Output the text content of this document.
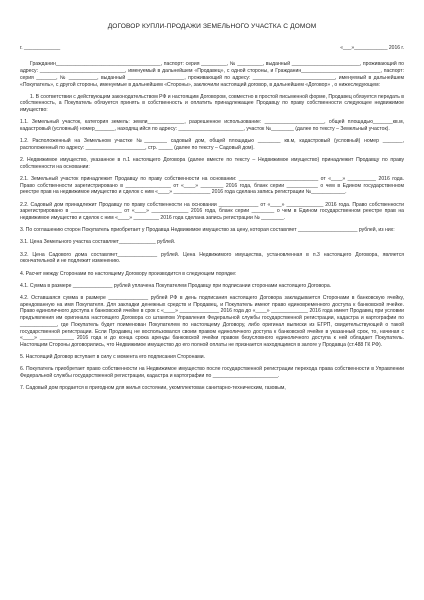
ДОГОВОР КУПЛИ-ПРОДАЖИ ЗЕМЕЛЬНОГО УЧАСТКА С ДОМОМ
г. _____________	«___»____________ 2016 г.

Гражданин_____________________________________, паспорт: серия _________, № _________, выданный ________________________, проживающий по адресу: ______________________________, именуемый в дальнейшем «Продавец», с одной стороны, и Гражданин____________________________, паспорт: серия _______, № __________, выданный ____________________, проживающий по адресу: _____________________________, именуемый в дальнейшем «Покупатель», с другой стороны, именуемые в дальнейшем «Стороны», заключили настоящий договор, в дальнейшем «Договор» , о нижеследующем:

1. В соответствии с действующим законодательством РФ и настоящим Договором, совместно в простой письменной форме, Продавец обязуется передать в собственность, а Покупатель обязуется принять в собственность и оплатить принадлежащее Продавцу по праву собственности следующее недвижимое имущество:

1.1. Земельный участок, категория земель: земли_____________, разрешенное использование: _____________________, общей площадью_______кв.м, кадастровый (условный) номер_______, находящ ийся по адресу: _______________________, участок №________ (далее по тексту – Земельный участок).

1.2. Расположенный на Земельном участке №________ садовый дом, общей площадью ________ кв.м, кадастровый (условный) номер _______, расположенный по адресу: _____________________, стр. _____ (далее по тексту – Садовый дом).

2. Недвижимое имущество, указанное в п.1 настоящего Договора (далее вместе по тексту – Недвижимое имущество) принадлежит Продавцу по праву собственности на основании:

2.1. Земельный участок принадлежит Продавцу по праву собственности на основании: ____________________________ от «____» __________ 2016 года. Право собственности зарегистрировано в ________________ от «____» ________ 2016 года, бланк серии ___________ о чем в Едином государственном реестре прав на недвижимое имущество и сделок с ним «____» _____________ 2016 года сделана запись регистрации №____________.

2.2. Садовый дом принадлежит Продавцу по праву собственности на основании ______________ от «____» _____________ 2016 года. Право собственности зарегистрировано в __________________ от «____» _____________ 2016 года, бланк серии ________ о чем в Едином государственном реестре прав на недвижимое имущество и сделок с ним «____» _________ 2016 года сделана запись регистрации № ________.

3. По соглашению сторон Покупатель приобретает у Продавца Недвижимое имущество за цену, которая составляет _____________________ рублей, из них:

3.1. Цена Земельного участка составляет_____________ рублей.

3.2. Цена Садового дома составляет______________ рублей. Цена Недвижимого имущества, установленная в п.3 настоящего Договора, является окончательной и не подлежит изменению.

4. Расчет между Сторонами по настоящему Договору производится в следующем порядке:

4.1. Сумма в размере ______________ рублей уплачена Покупателем Продавцу при подписании сторонами настоящего Договора.

4.2. Оставшаяся сумма в размере ______________ рублей РФ в день подписания настоящего Договора закладывается Сторонами в банковскую ячейку, арендованную на имя Покупателя. Для закладки денежных средств и Продавец, и Покупатель имеют право единовременного доступа к банковской ячейке. Право единоличного доступа к банковской ячейке в срок с «____» ______________ 2016 года до «____» _____________ 2016 года имеет Продавец при условии предъявления им оригинала настоящего Договора со штампом Управления Федеральной службы государственной регистрации, кадастра и картографии по _____________, где Покупатель будет поименован Покупателем по настоящему Договору, либо оригинал выписки из ЕГРП, свидетельствующей о такой государственной регистрации. Если Продавец не воспользовался своим правом единоличного доступа к банковской ячейке в указанный срок, то, начиная с «____» ____________ 2016 года и до конца срока аренды банковской ячейки правом безусловного единоличного доступа к ней обладает Покупатель. Настоящим Стороны договорились, что Недвижимое имущество до его полной оплаты не признается находящимся в залоге у Продавца (ст.488 ГК РФ).

5. Настоящий Договор вступает в силу с момента его подписания Сторонами.

6. Покупатель приобретает право собственности на Недвижимое имущество после государственной регистрации перехода права собственности в Управлении Федеральной службы государственной регистрации, кадастра и картографии по _______________________.

7. Садовый дом продается в пригодном для жилья состоянии, укомплектован санитарно-техническим, газовым,
